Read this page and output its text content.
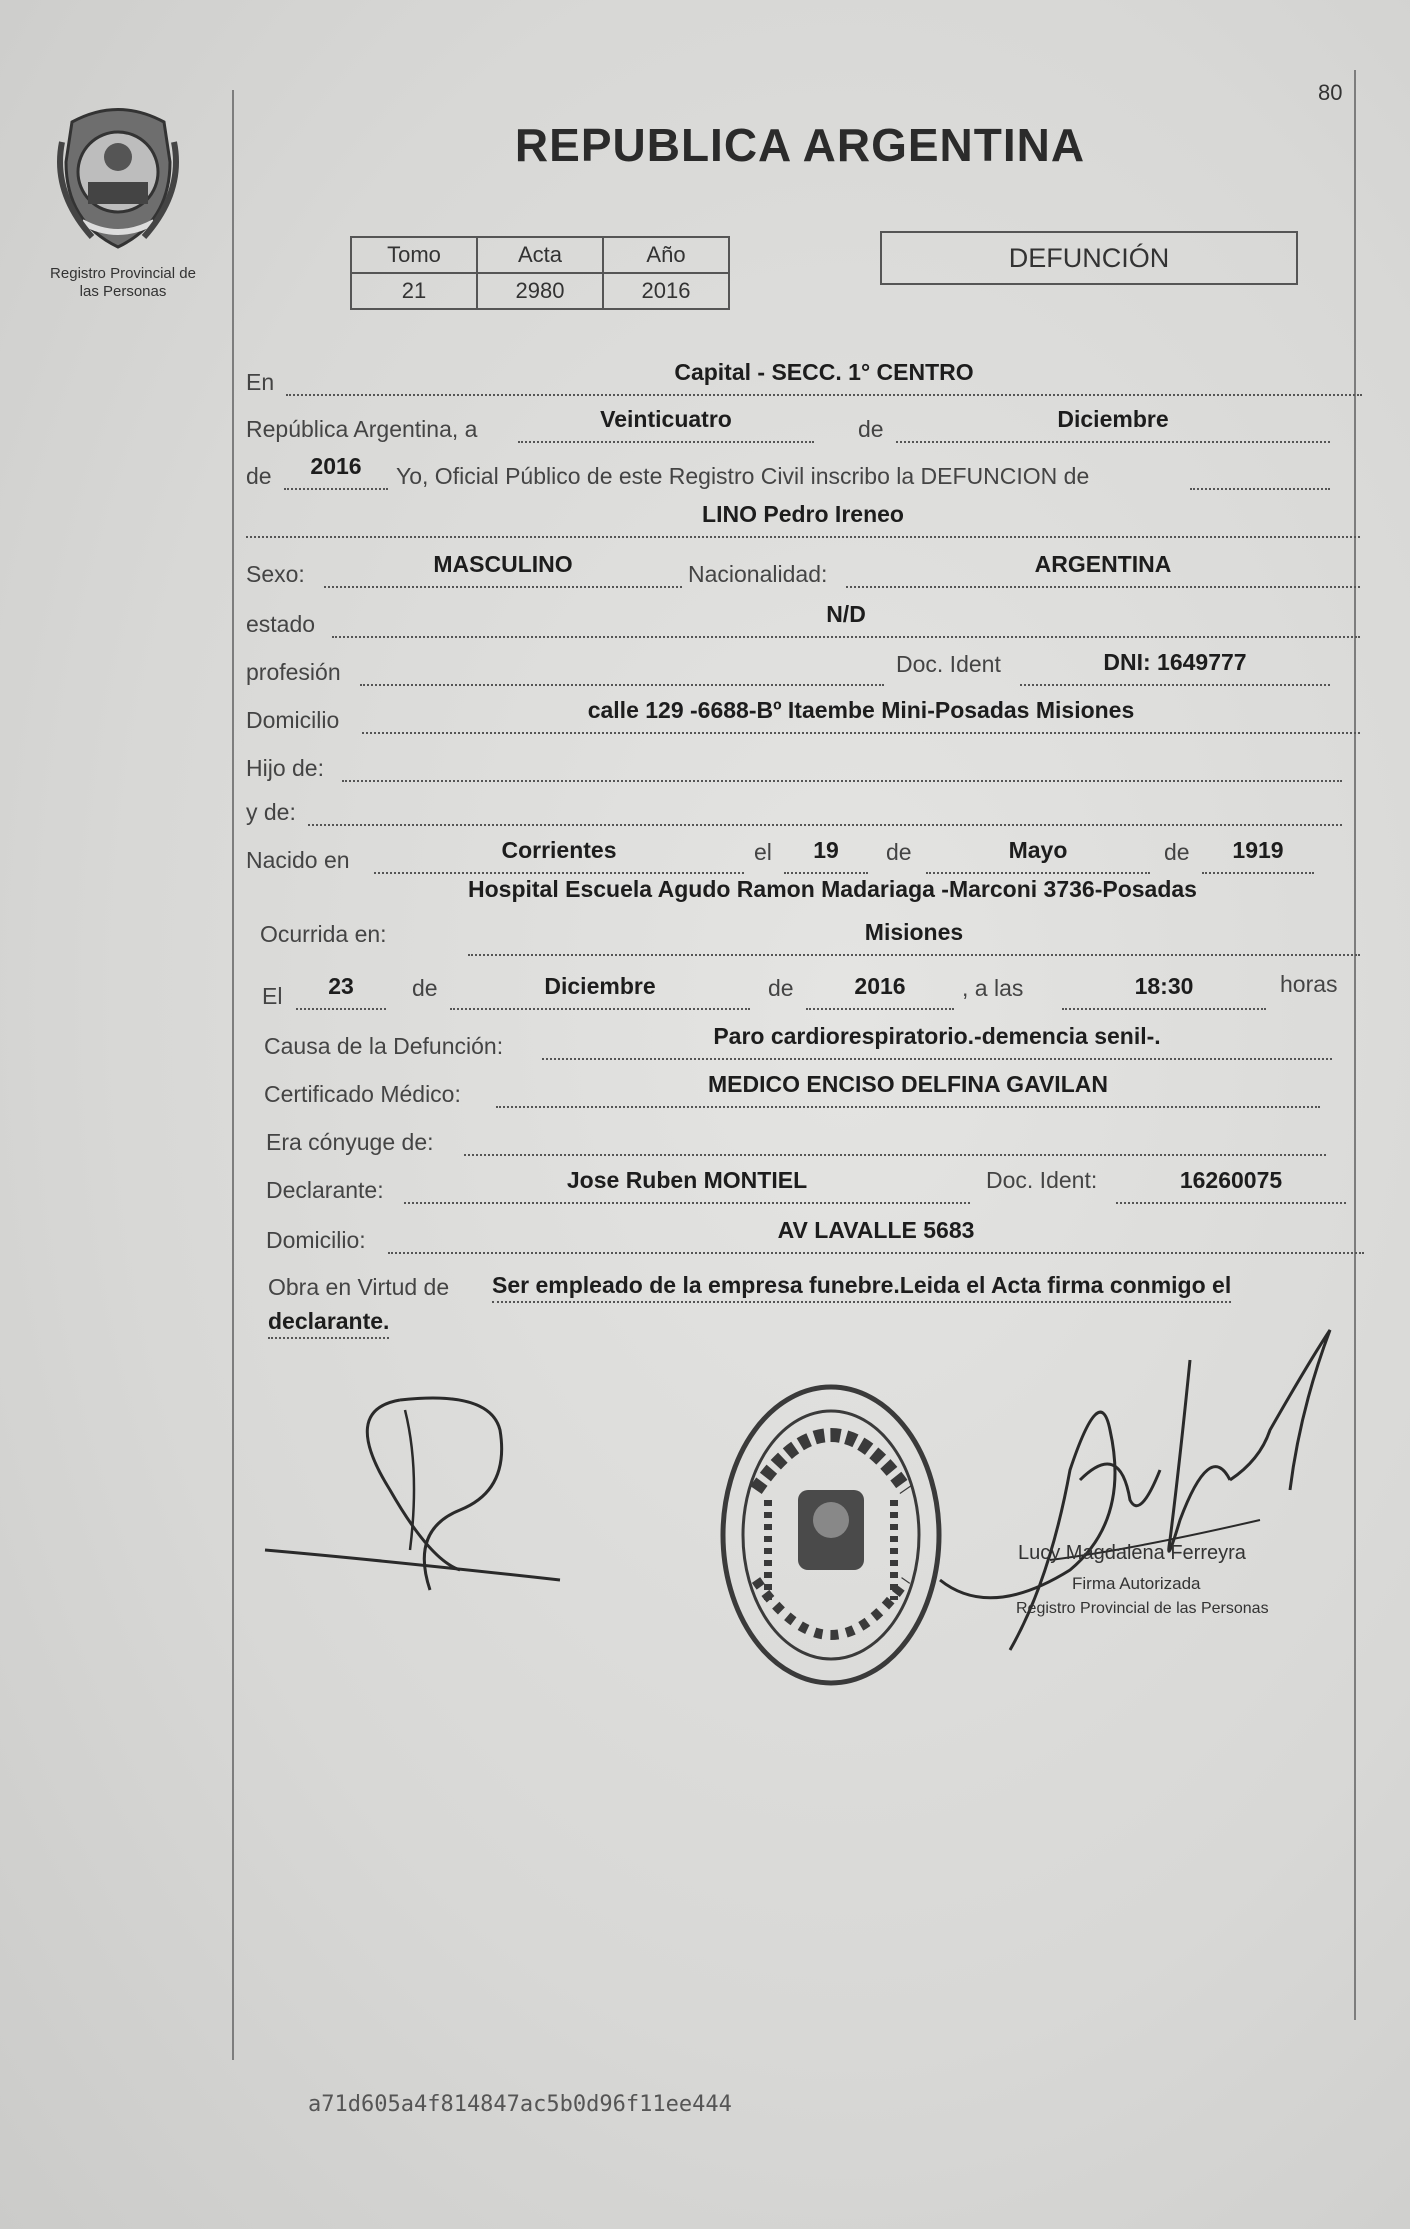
80
Registro Provincial de
las Personas
REPUBLICA ARGENTINA
Tomo	Acta	Año
21	2980	2016
DEFUNCIÓN
En	Capital - SECC. 1° CENTRO
República Argentina, a	Veinticuatro	de	Diciembre
de	2016	Yo, Oficial Público de este Registro Civil inscribo la DEFUNCION de
LINO Pedro Ireneo
Sexo:	MASCULINO	Nacionalidad:	ARGENTINA
estado	N/D
profesión	Doc. Ident	DNI: 1649777
Domicilio	calle 129 -6688-Bº Itaembe Mini-Posadas Misiones
Hijo de:
y de:
Nacido en	Corrientes	el	19	de	Mayo	de	1919
Ocurrida en:
Hospital Escuela Agudo Ramon Madariaga -Marconi 3736-Posadas
Misiones
El	23	de	Diciembre	de	2016	, a las	18:30	horas
Causa de la Defunción:	Paro cardiorespiratorio.-demencia senil-.
Certificado Médico:	MEDICO ENCISO DELFINA GAVILAN
Era cónyuge de:
Declarante:	Jose Ruben MONTIEL	Doc. Ident:	16260075
Domicilio:	AV LAVALLE 5683
Obra en Virtud de Ser empleado de la empresa funebre.Leida el Acta firma conmigo el
declarante.
Lucy Magdalena Ferreyra
Firma Autorizada
Registro Provincial de las Personas
a71d605a4f814847ac5b0d96f11ee444
